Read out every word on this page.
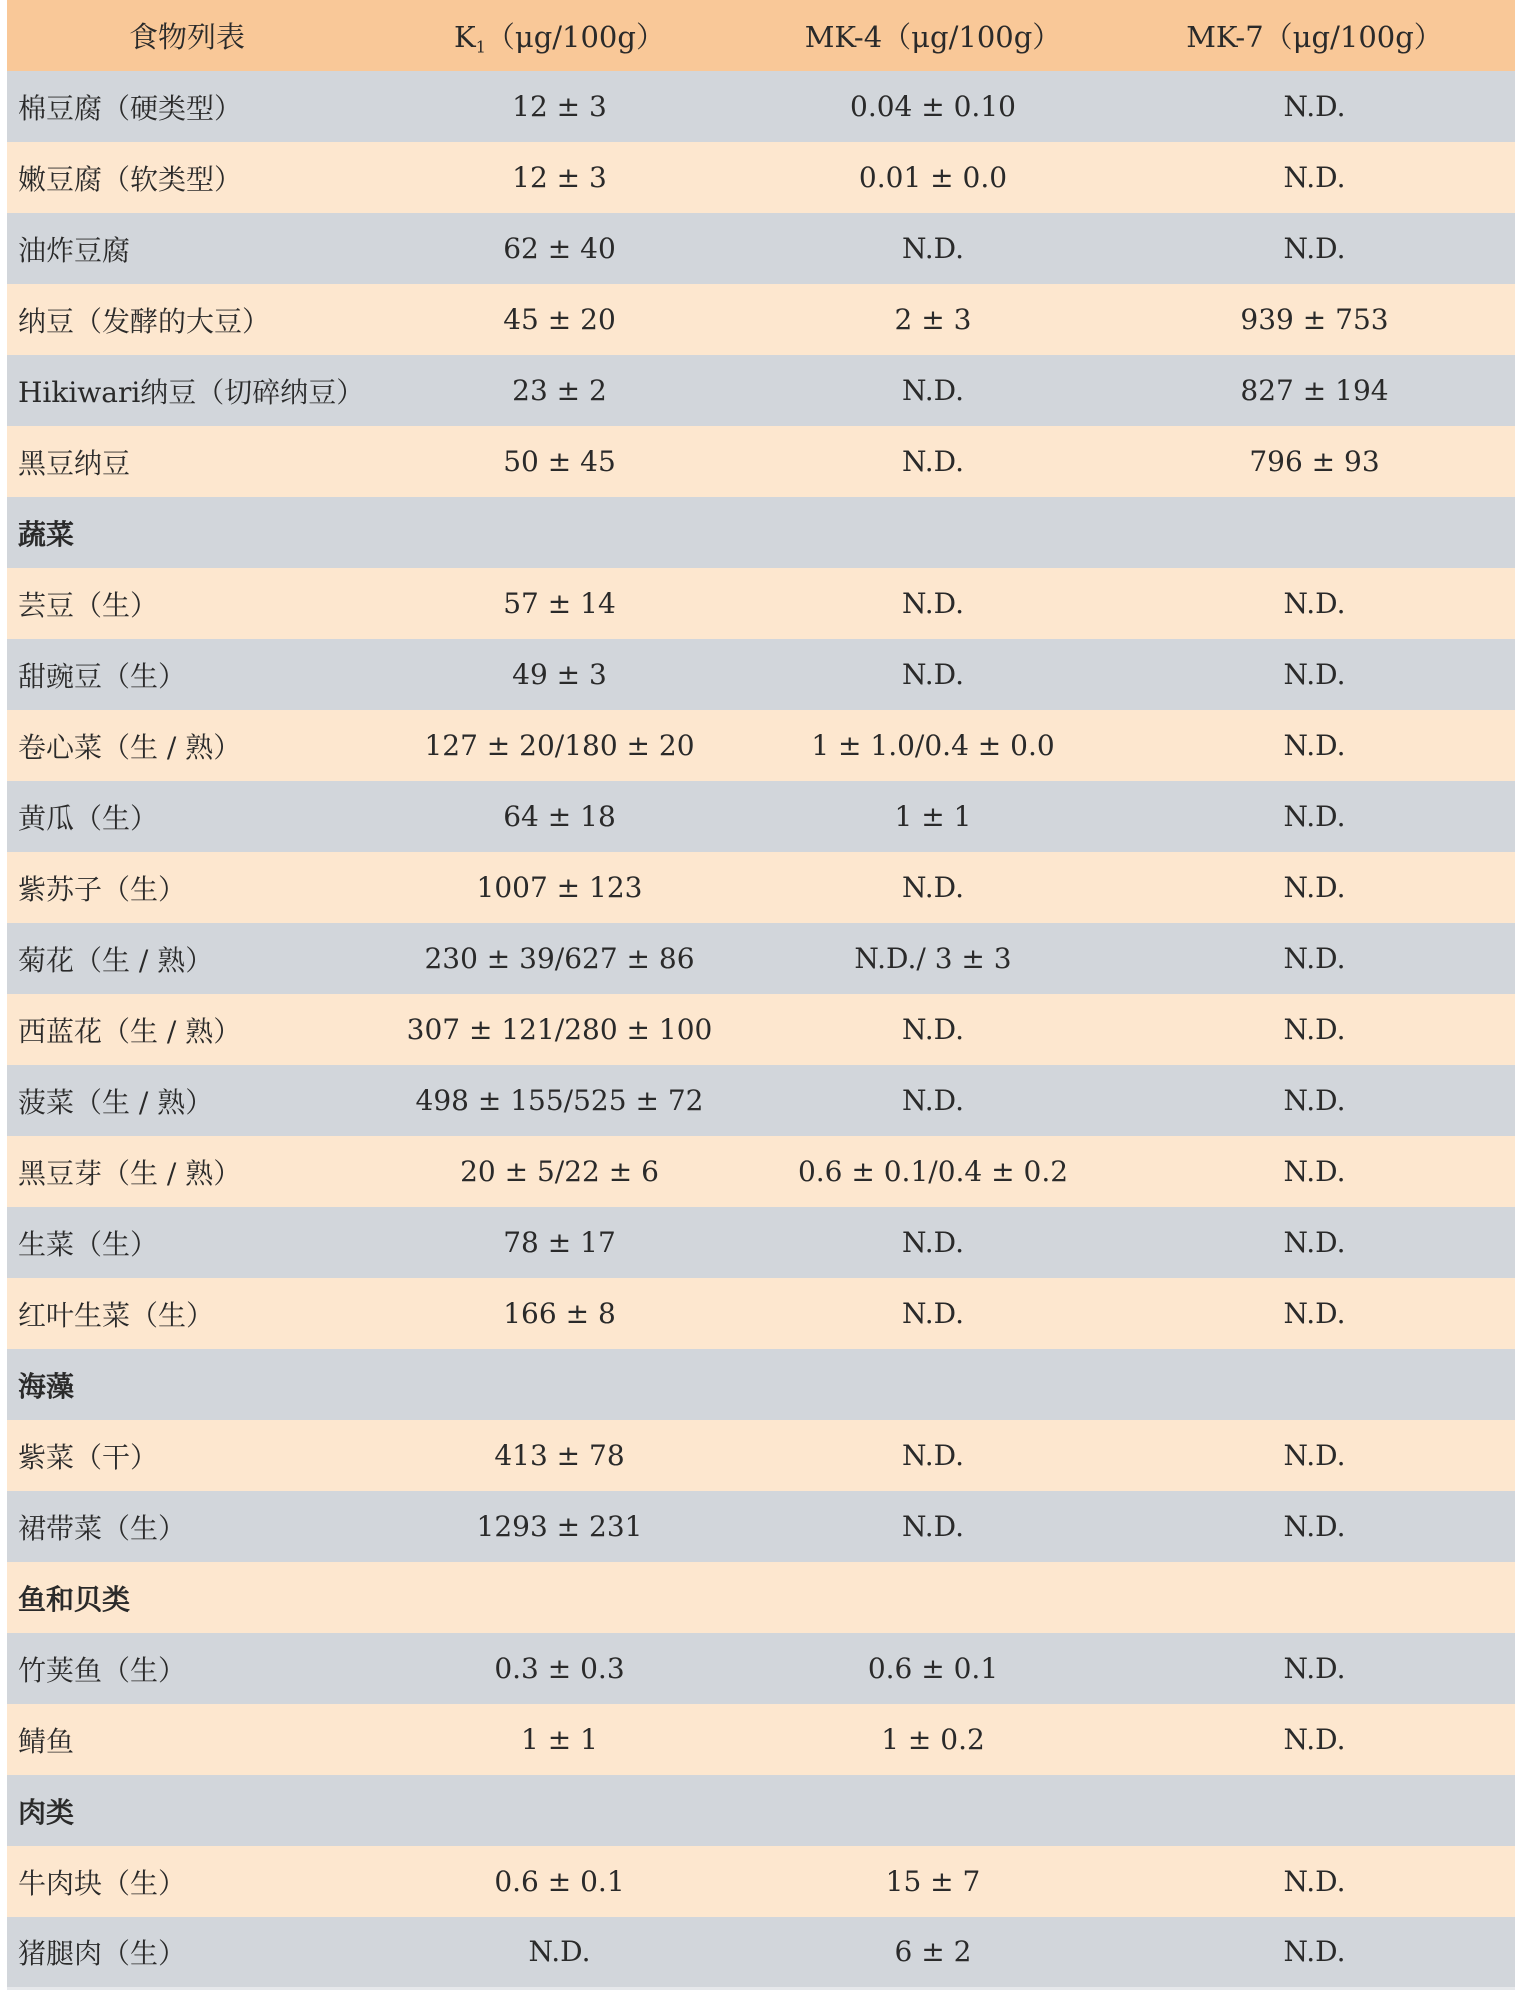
食物列表	$K_1(\mu g/100g)$	MK-4（μg/100g）	MK-7（μg/100g）
棉豆腐（硬类型）	12 ± 3	0.04 ± 0.10	N.D.
嫩豆腐（软类型）	12 ± 3	0.01 ± 0.0	N.D.
油炸豆腐	62 ± 40	N.D.	N.D.
纳豆（发酵的大豆）	45 ± 20	2 ± 3	939 ± 753
Hikiwari纳豆（切碎纳豆）	23 ± 2	N.D.	827 ± 194
黑豆纳豆	50 ± 45	N.D.	796 ± 93
蔬菜			
芸豆（生）	57 ± 14	N.D.	N.D.
甜豌豆（生）	49 ± 3	N.D.	N.D.
卷心菜（生 / 熟）	127 ± 20/180 ± 20	1 ± 1.0/0.4 ± 0.0	N.D.
黄瓜（生）	64 ± 18	1 ± 1	N.D.
紫苏子（生）	1007 ± 123	N.D.	N.D.
菊花（生 / 熟）	230 ± 39/627 ± 86	N.D./ 3 ± 3	N.D.
西蓝花（生 / 熟）	307 ± 121/280 ± 100	N.D.	N.D.
菠菜（生 / 熟）	498 ± 155/525 ± 72	N.D.	N.D.
黑豆芽（生 / 熟）	20 ± 5/22 ± 6	0.6 ± 0.1/0.4 ± 0.2	N.D.
生菜（生）	78 ± 17	N.D.	N.D.
红叶生菜（生）	166 ± 8	N.D.	N.D.
海藻			
紫菜（干）	413 ± 78	N.D.	N.D.
裙带菜（生）	1293 ± 231	N.D.	N.D.
鱼和贝类			
竹荚鱼（生）	0.3 ± 0.3	0.6 ± 0.1	N.D.
鲭鱼	1 ± 1	1 ± 0.2	N.D.
肉类			
牛肉块（生）	0.6 ± 0.1	15 ± 7	N.D.
猪腿肉（生）	N.D.	6 ± 2	N.D.
